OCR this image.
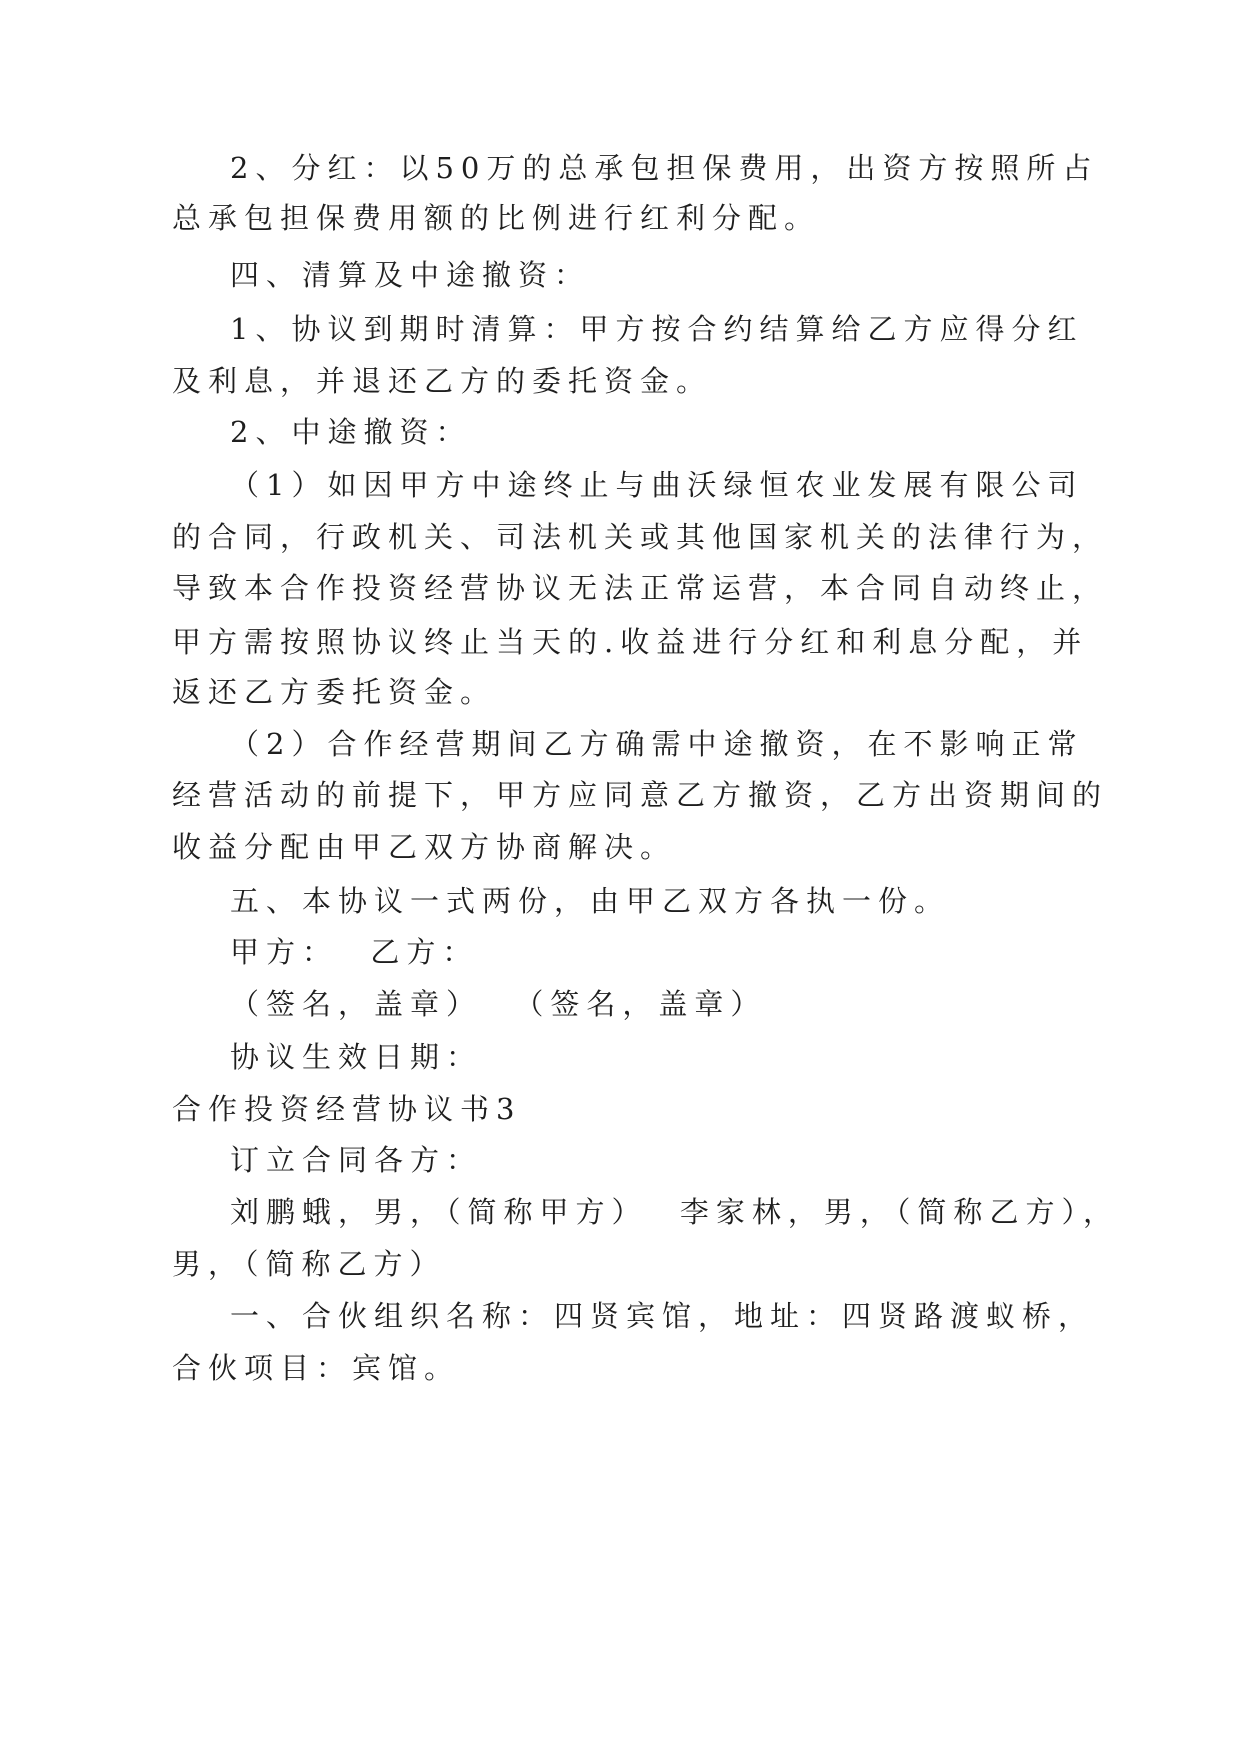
2、分红：以50万的总承包担保费用，出资方按照所占

总承包担保费用额的比例进行红利分配。

四、清算及中途撤资：

1、协议到期时清算：甲方按合约结算给乙方应得分红

及利息，并退还乙方的委托资金。

2、中途撤资：

（1）如因甲方中途终止与曲沃绿恒农业发展有限公司

的合同，行政机关、司法机关或其他国家机关的法律行为，

导致本合作投资经营协议无法正常运营，本合同自动终止，

甲方需按照协议终止当天的.收益进行分红和利息分配，并

返还乙方委托资金。

（2）合作经营期间乙方确需中途撤资，在不影响正常

经营活动的前提下，甲方应同意乙方撤资，乙方出资期间的

收益分配由甲乙双方协商解决。

五、本协议一式两份，由甲乙双方各执一份。

甲方：  乙方：

（签名，盖章）  （签名，盖章）

协议生效日期：

合作投资经营协议书3

订立合同各方：

刘鹏蛾，男，（简称甲方）  李家林，男，（简称乙方），

男，（简称乙方）

一、合伙组织名称：四贤宾馆，地址：四贤路渡蚁桥，

合伙项目：宾馆。
